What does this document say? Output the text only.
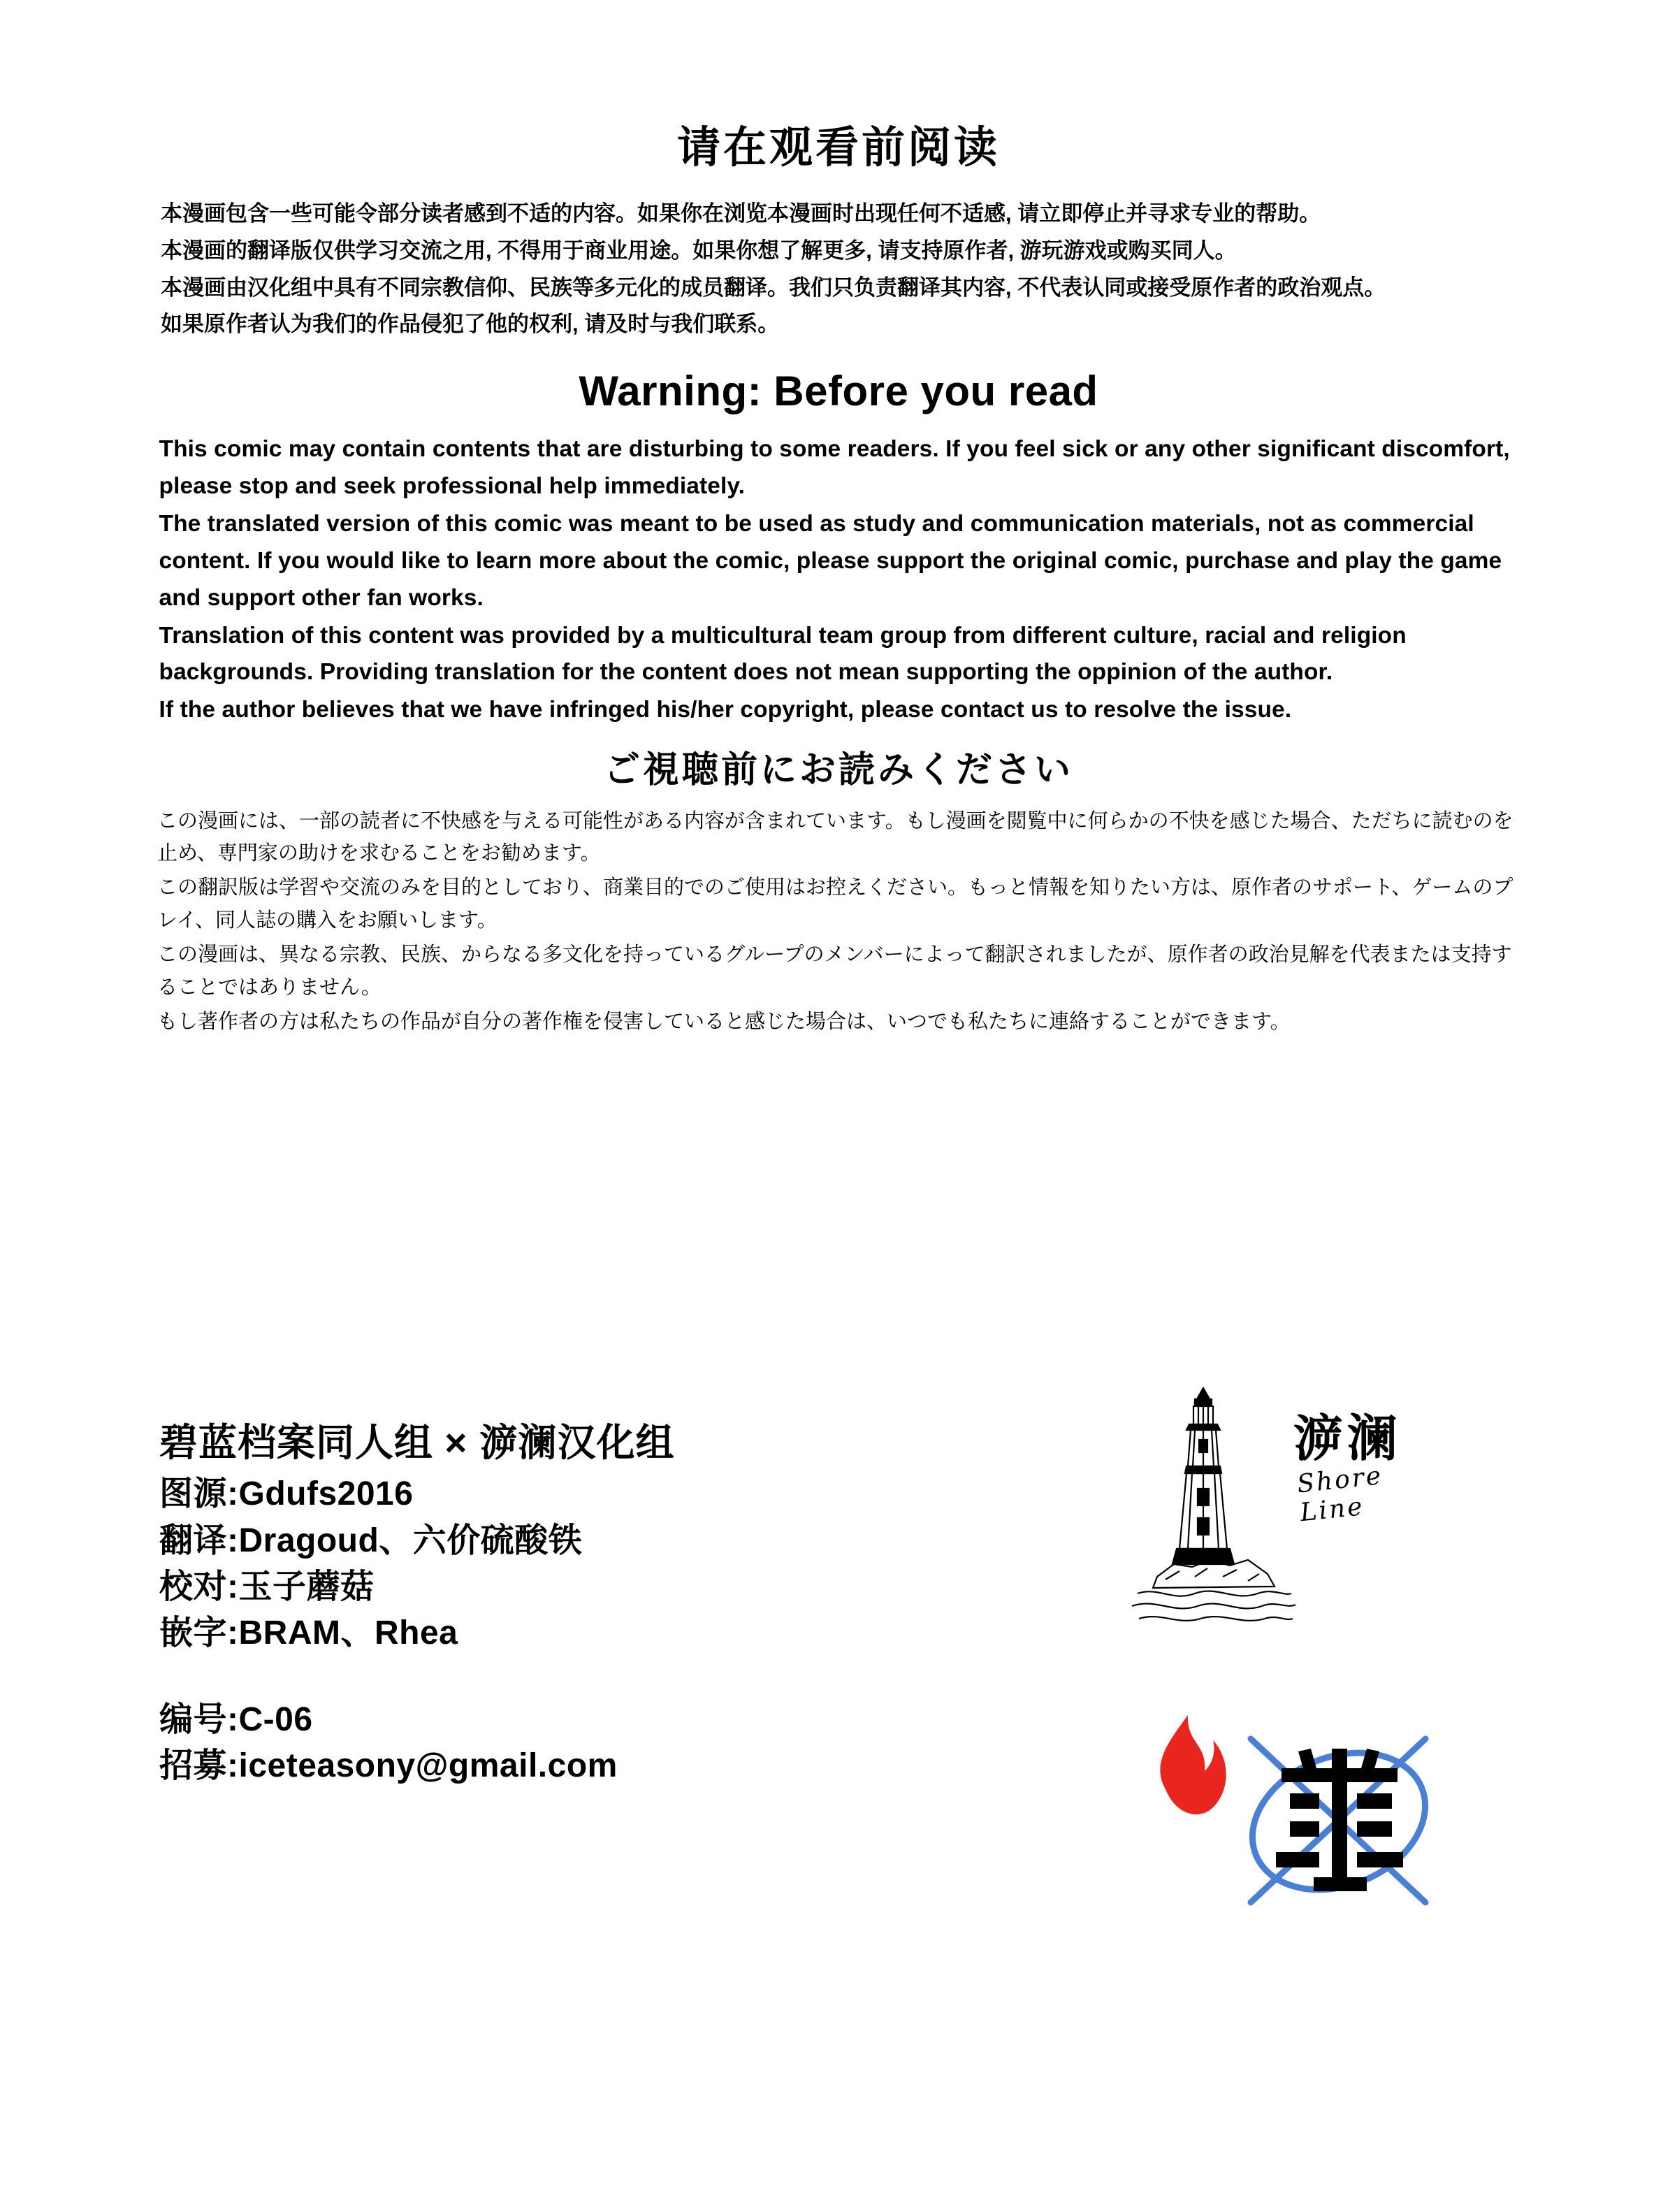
请在观看前阅读
本漫画包含一些可能令部分读者感到不适的内容。如果你在浏览本漫画时出现任何不适感, 请立即停止并寻求专业的帮助。
本漫画的翻译版仅供学习交流之用, 不得用于商业用途。如果你想了解更多, 请支持原作者, 游玩游戏或购买同人。
本漫画由汉化组中具有不同宗教信仰、民族等多元化的成员翻译。我们只负责翻译其内容, 不代表认同或接受原作者的政治观点。
如果原作者认为我们的作品侵犯了他的权利, 请及时与我们联系。
Warning: Before you read

This comic may contain contents that are disturbing to some readers. If you feel sick or any other significant discomfort, please stop and seek professional help immediately.

The translated version of this comic was meant to be used as study and communication materials, not as commercial content. If you would like to learn more about the comic, please support the original comic, purchase and play the game and support other fan works.

Translation of this content was provided by a multicultural team group from different culture, racial and religion backgrounds. Providing translation for the content does not mean supporting the oppinion of the author.

If the author believes that we have infringed his/her copyright, please contact us to resolve the issue.

ご視聴前にお読みください

この漫画には、一部の読者に不快感を与える可能性がある内容が含まれています。もし漫画を閲覧中に何らかの不快を感じた場合、ただちに読むのを止め、専門家の助けを求むることをお勧めます。

この翻訳版は学習や交流のみを目的としており、商業目的でのご使用はお控えください。もっと情報を知りたい方は、原作者のサポート、ゲームのプレイ、同人誌の購入をお願いします。

この漫画は、異なる宗教、民族、からなる多文化を持っているグループのメンバーによって翻訳されましたが、原作者の政治見解を代表または支持することではありません。

もし著作者の方は私たちの作品が自分の著作権を侵害していると感じた場合は、いつでも私たちに連絡することができます。

碧蓝档案同人组 × 㴑澜汉化组
图源:Gdufs2016
翻译:Dragoud、六价硫酸铁
校对:玉子蘑菇
嵌字:BRAM、Rhea
编号:C-06
招募:iceteasony@gmail.com
㴑澜
Shore Line
